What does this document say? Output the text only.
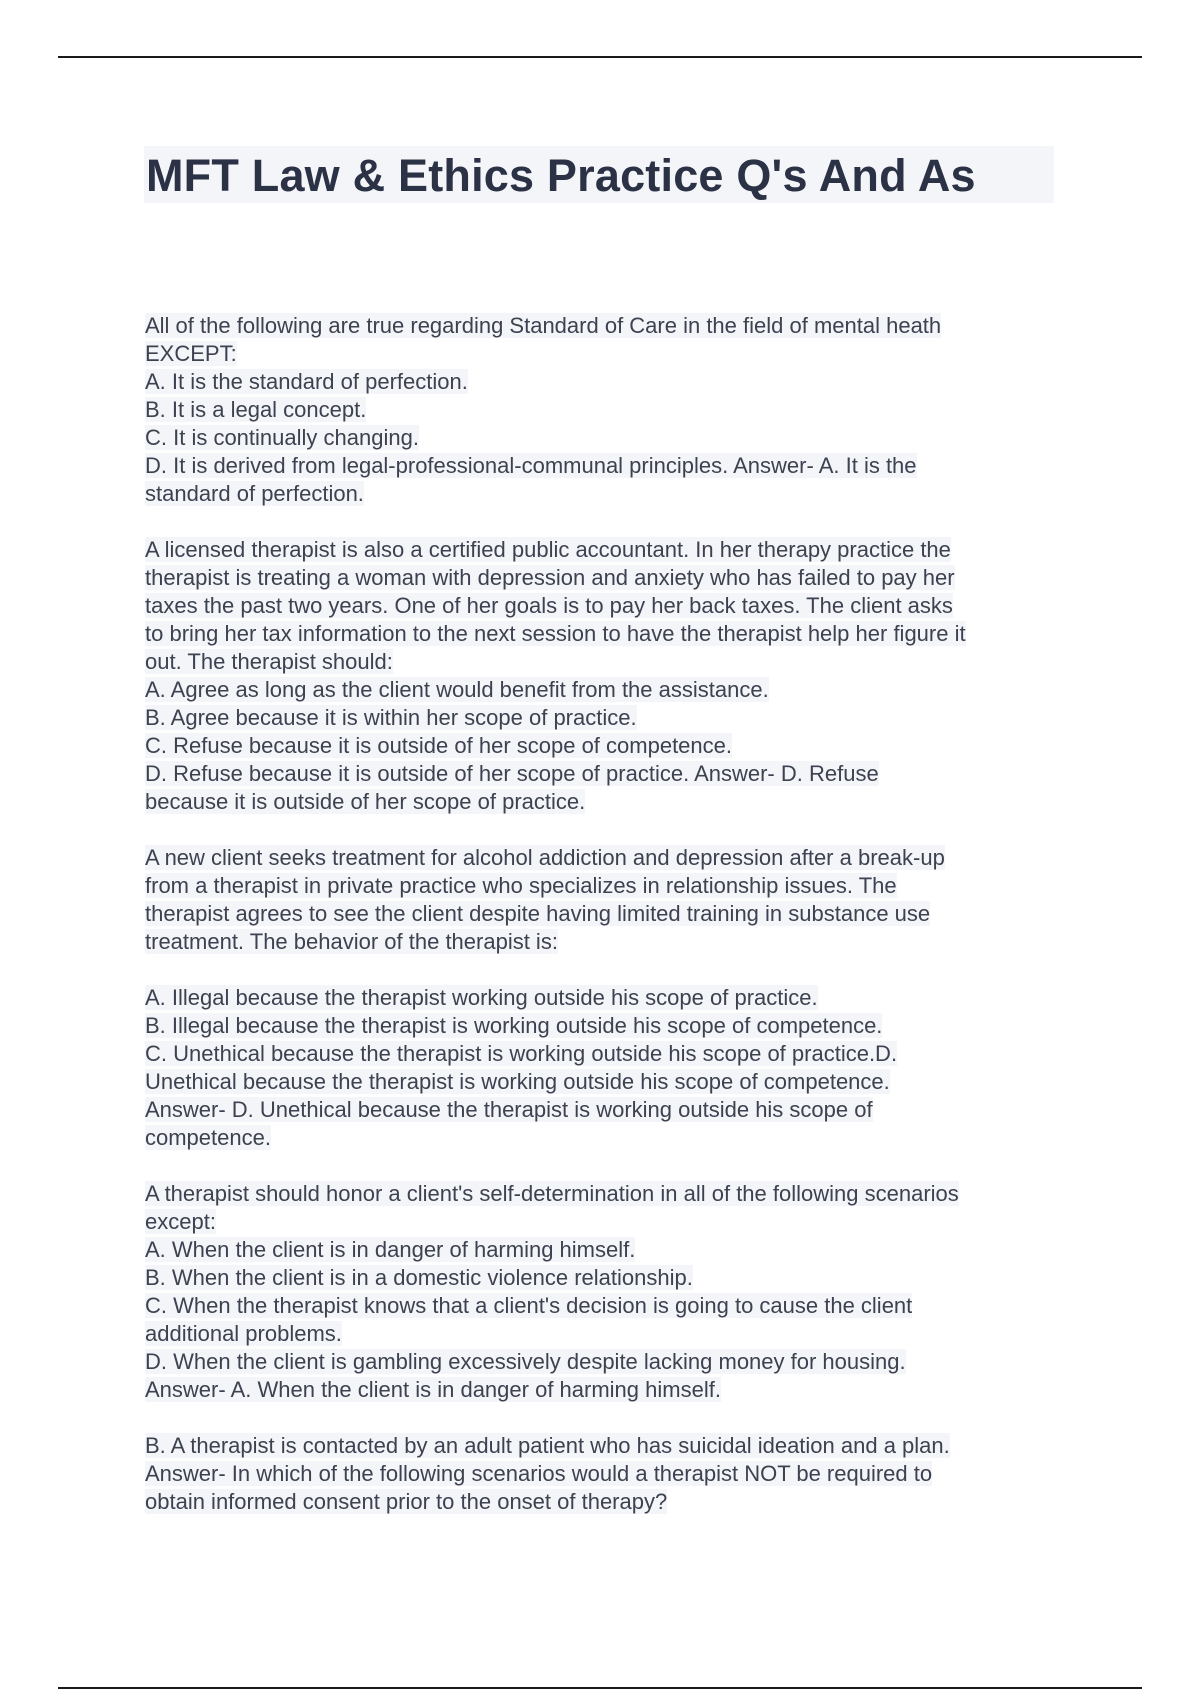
MFT Law & Ethics Practice Q's And As
All of the following are true regarding Standard of Care in the field of mental heath
EXCEPT:
A. It is the standard of perfection.
B. It is a legal concept.
C. It is continually changing.
D. It is derived from legal-professional-communal principles. Answer- A. It is the
standard of perfection.
A licensed therapist is also a certified public accountant. In her therapy practice the
therapist is treating a woman with depression and anxiety who has failed to pay her
taxes the past two years. One of her goals is to pay her back taxes. The client asks
to bring her tax information to the next session to have the therapist help her figure it
out. The therapist should:
A. Agree as long as the client would benefit from the assistance.
B. Agree because it is within her scope of practice.
C. Refuse because it is outside of her scope of competence.
D. Refuse because it is outside of her scope of practice. Answer- D. Refuse
because it is outside of her scope of practice.
A new client seeks treatment for alcohol addiction and depression after a break-up
from a therapist in private practice who specializes in relationship issues. The
therapist agrees to see the client despite having limited training in substance use
treatment. The behavior of the therapist is:
A. Illegal because the therapist working outside his scope of practice.
B. Illegal because the therapist is working outside his scope of competence.
C. Unethical because the therapist is working outside his scope of practice.D.
Unethical because the therapist is working outside his scope of competence.
Answer- D. Unethical because the therapist is working outside his scope of
competence.
A therapist should honor a client's self-determination in all of the following scenarios
except:
A. When the client is in danger of harming himself.
B. When the client is in a domestic violence relationship.
C. When the therapist knows that a client's decision is going to cause the client
additional problems.
D. When the client is gambling excessively despite lacking money for housing.
Answer- A. When the client is in danger of harming himself.
B. A therapist is contacted by an adult patient who has suicidal ideation and a plan.
Answer- In which of the following scenarios would a therapist NOT be required to
obtain informed consent prior to the onset of therapy?
